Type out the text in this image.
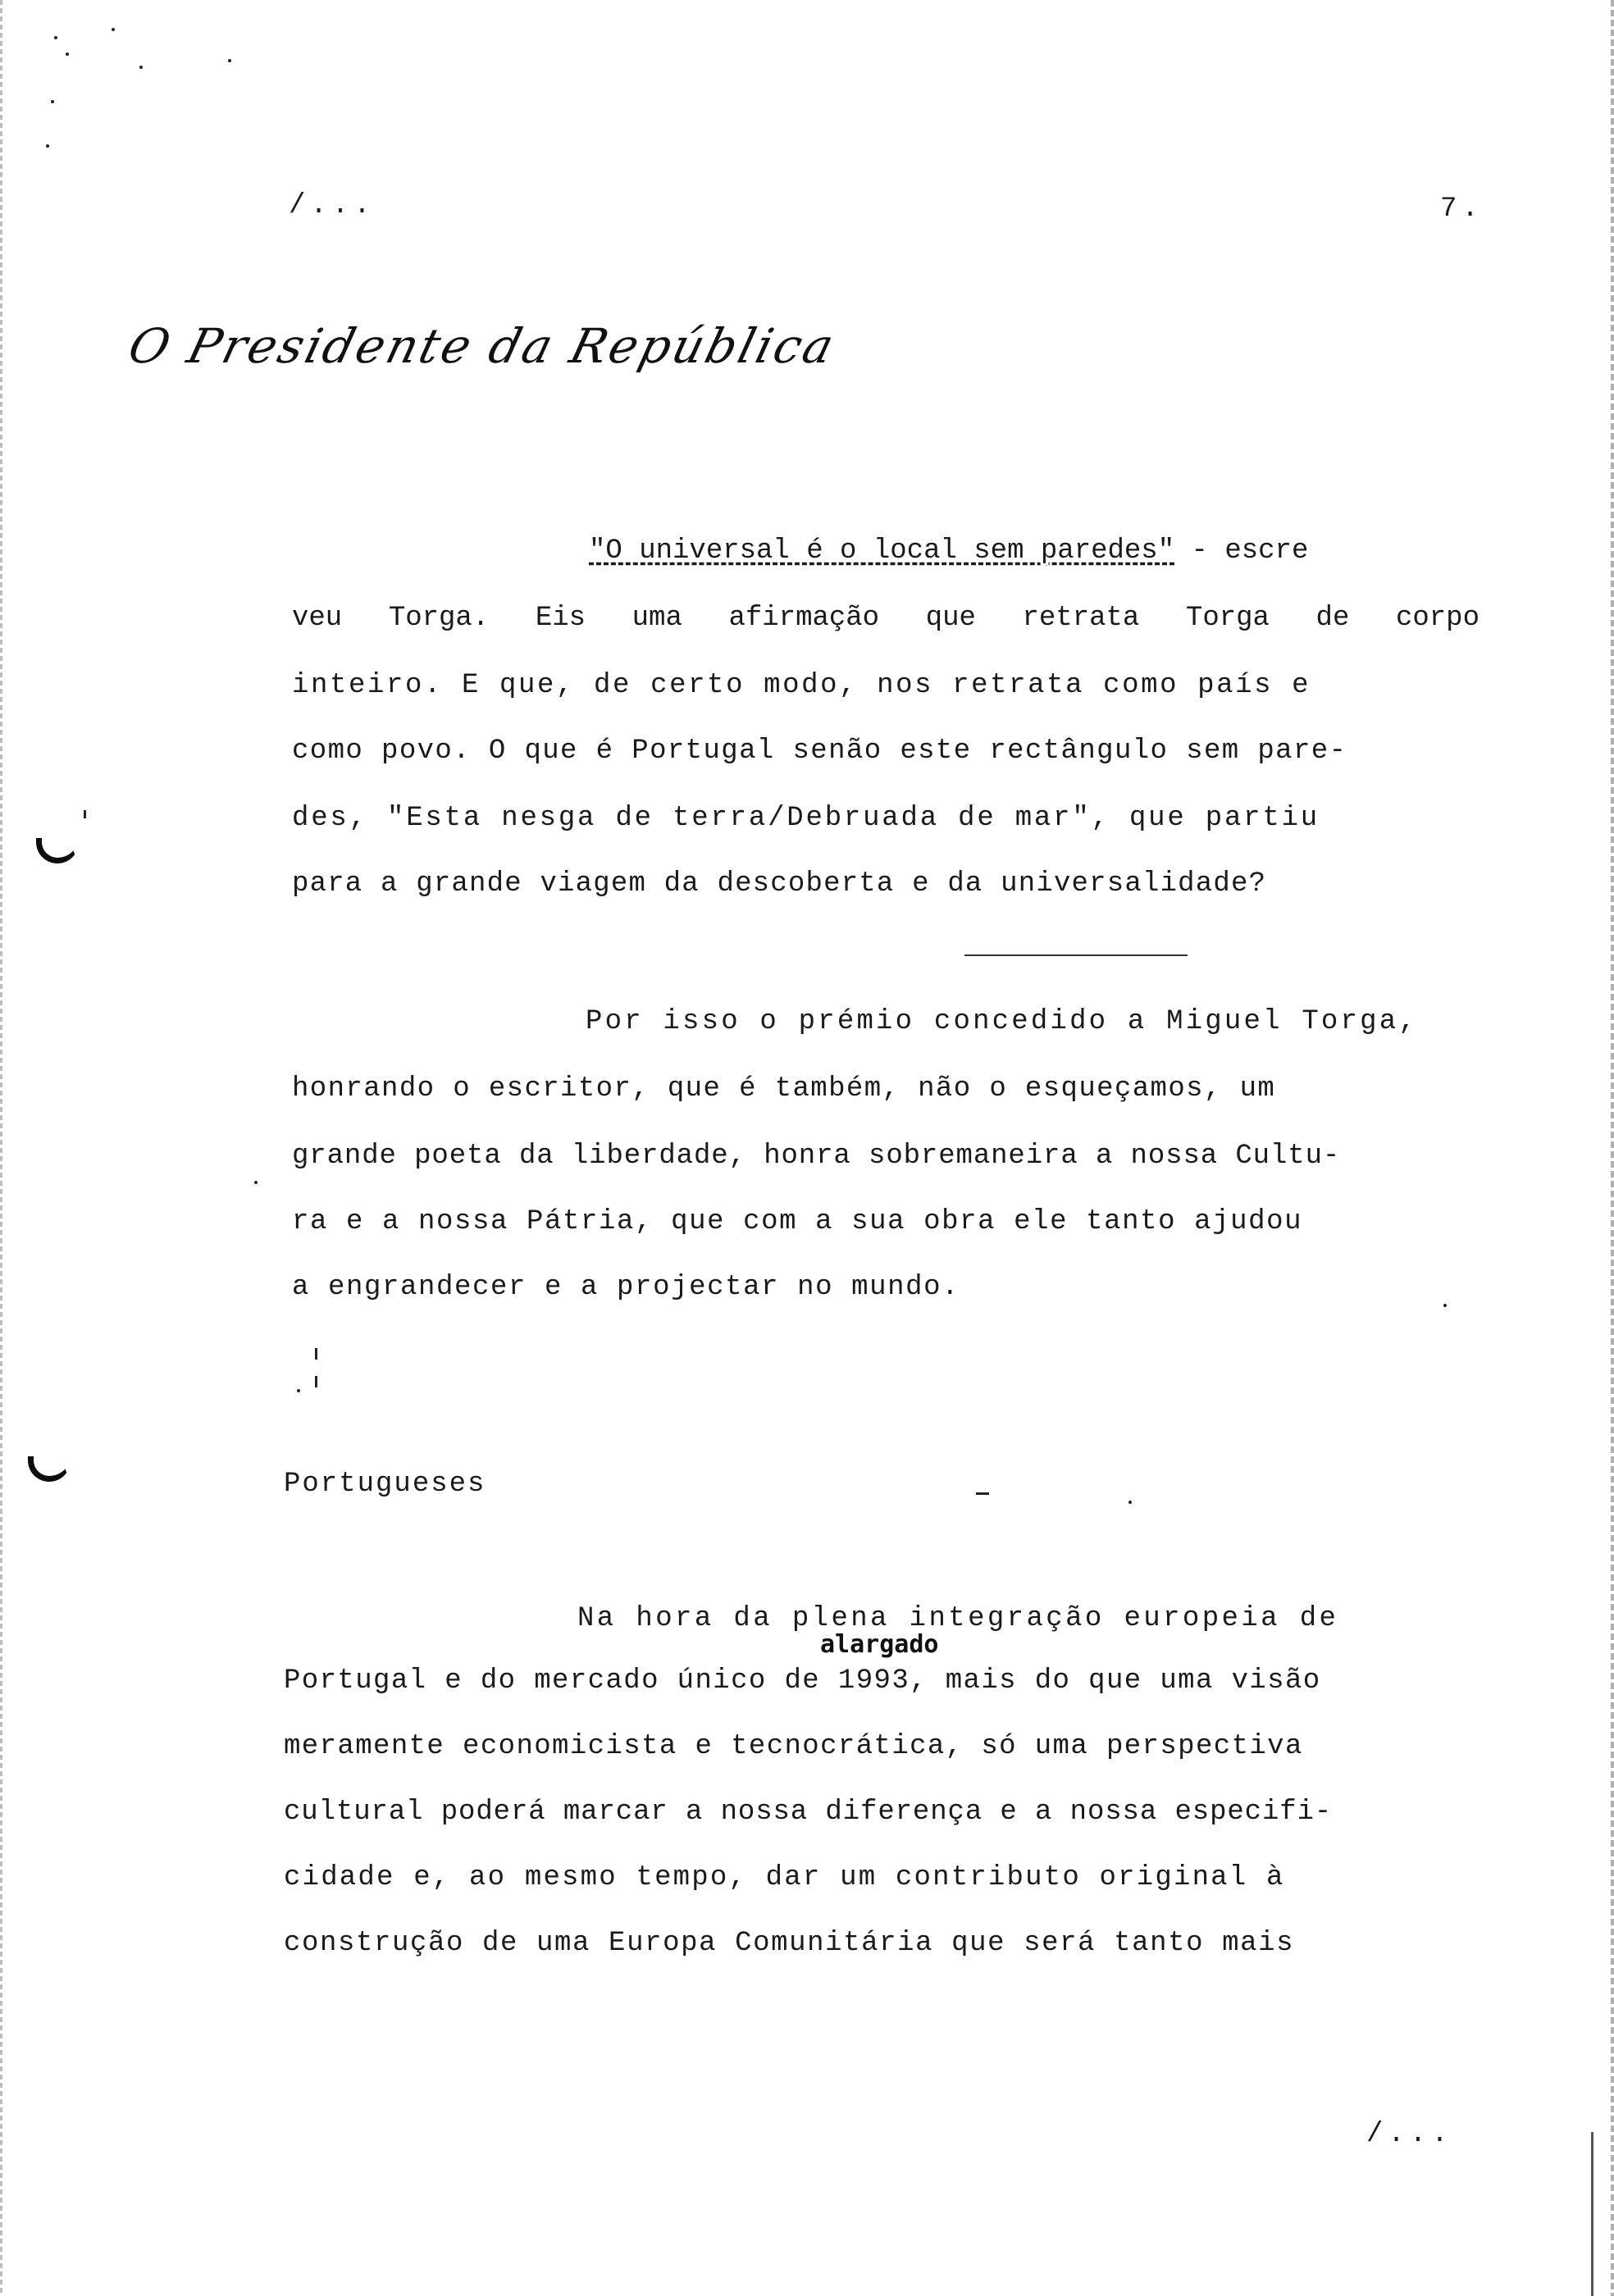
/...	7.
O Presidente da República
"O universal é o local sem paredes" - escre
veu Torga. Eis uma afirmação que retrata Torga de corpo
inteiro. E que, de certo modo, nos retrata como país e
como povo. O que é Portugal senão este rectângulo sem pare-
des, "Esta nesga de terra/Debruada de mar", que partiu
para a grande viagem da descoberta e da universalidade?
Por isso o prémio concedido a Miguel Torga,
honrando o escritor, que é também, não o esqueçamos, um
grande poeta da liberdade, honra sobremaneira a nossa Cultu-
ra e a nossa Pátria, que com a sua obra ele tanto ajudou
a engrandecer e a projectar no mundo.
Portugueses
Na hora da plena integração europeia de
alargado
Portugal e do mercado único de 1993, mais do que uma visão
meramente economicista e tecnocrática, só uma perspectiva
cultural poderá marcar a nossa diferença e a nossa especifi-
cidade e, ao mesmo tempo, dar um contributo original à
construção de uma Europa Comunitária que será tanto mais
/...
